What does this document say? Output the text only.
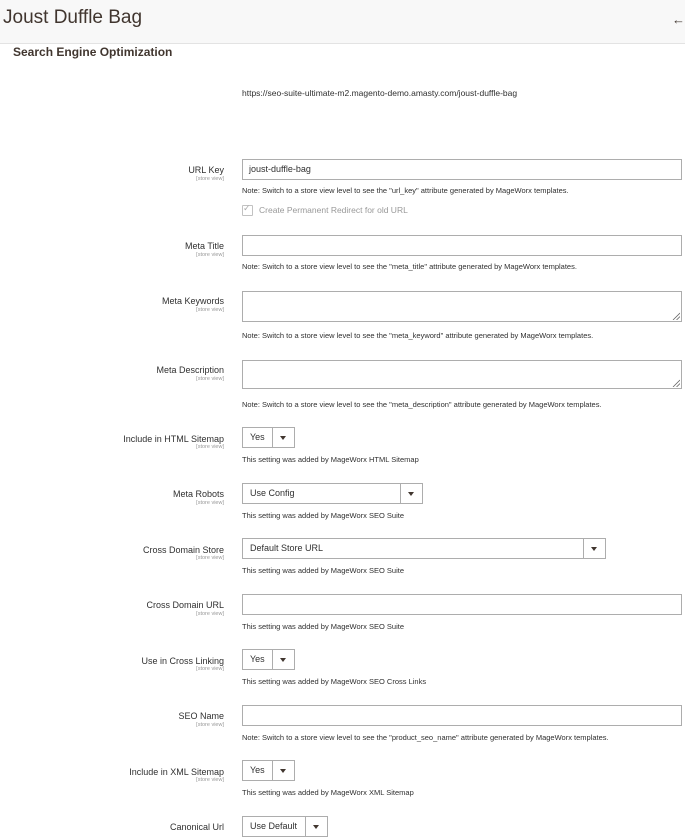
Joust Duffle Bag	←
Search Engine Optimization
https://seo-suite-ultimate-m2.magento-demo.amasty.com/joust-duffle-bag
URL Key
[store view]
joust-duffle-bag
Note: Switch to a store view level to see the "url_key" attribute generated by MageWorx templates.
✓ Create Permanent Redirect for old URL
Meta Title
[store view]
Note: Switch to a store view level to see the "meta_title" attribute generated by MageWorx templates.
Meta Keywords
[store view]
Note: Switch to a store view level to see the "meta_keyword" attribute generated by MageWorx templates.
Meta Description
[store view]
Note: Switch to a store view level to see the "meta_description" attribute generated by MageWorx templates.
Include in HTML Sitemap
[store view]
Yes
This setting was added by MageWorx HTML Sitemap
Meta Robots
[store view]
Use Config
This setting was added by MageWorx SEO Suite
Cross Domain Store
[store view]
Default Store URL
This setting was added by MageWorx SEO Suite
Cross Domain URL
[store view]
This setting was added by MageWorx SEO Suite
Use in Cross Linking
[store view]
Yes
This setting was added by MageWorx SEO Cross Links
SEO Name
[store view]
Note: Switch to a store view level to see the "product_seo_name" attribute generated by MageWorx templates.
Include in XML Sitemap
[store view]
Yes
This setting was added by MageWorx XML Sitemap
Canonical Url	Use Default
